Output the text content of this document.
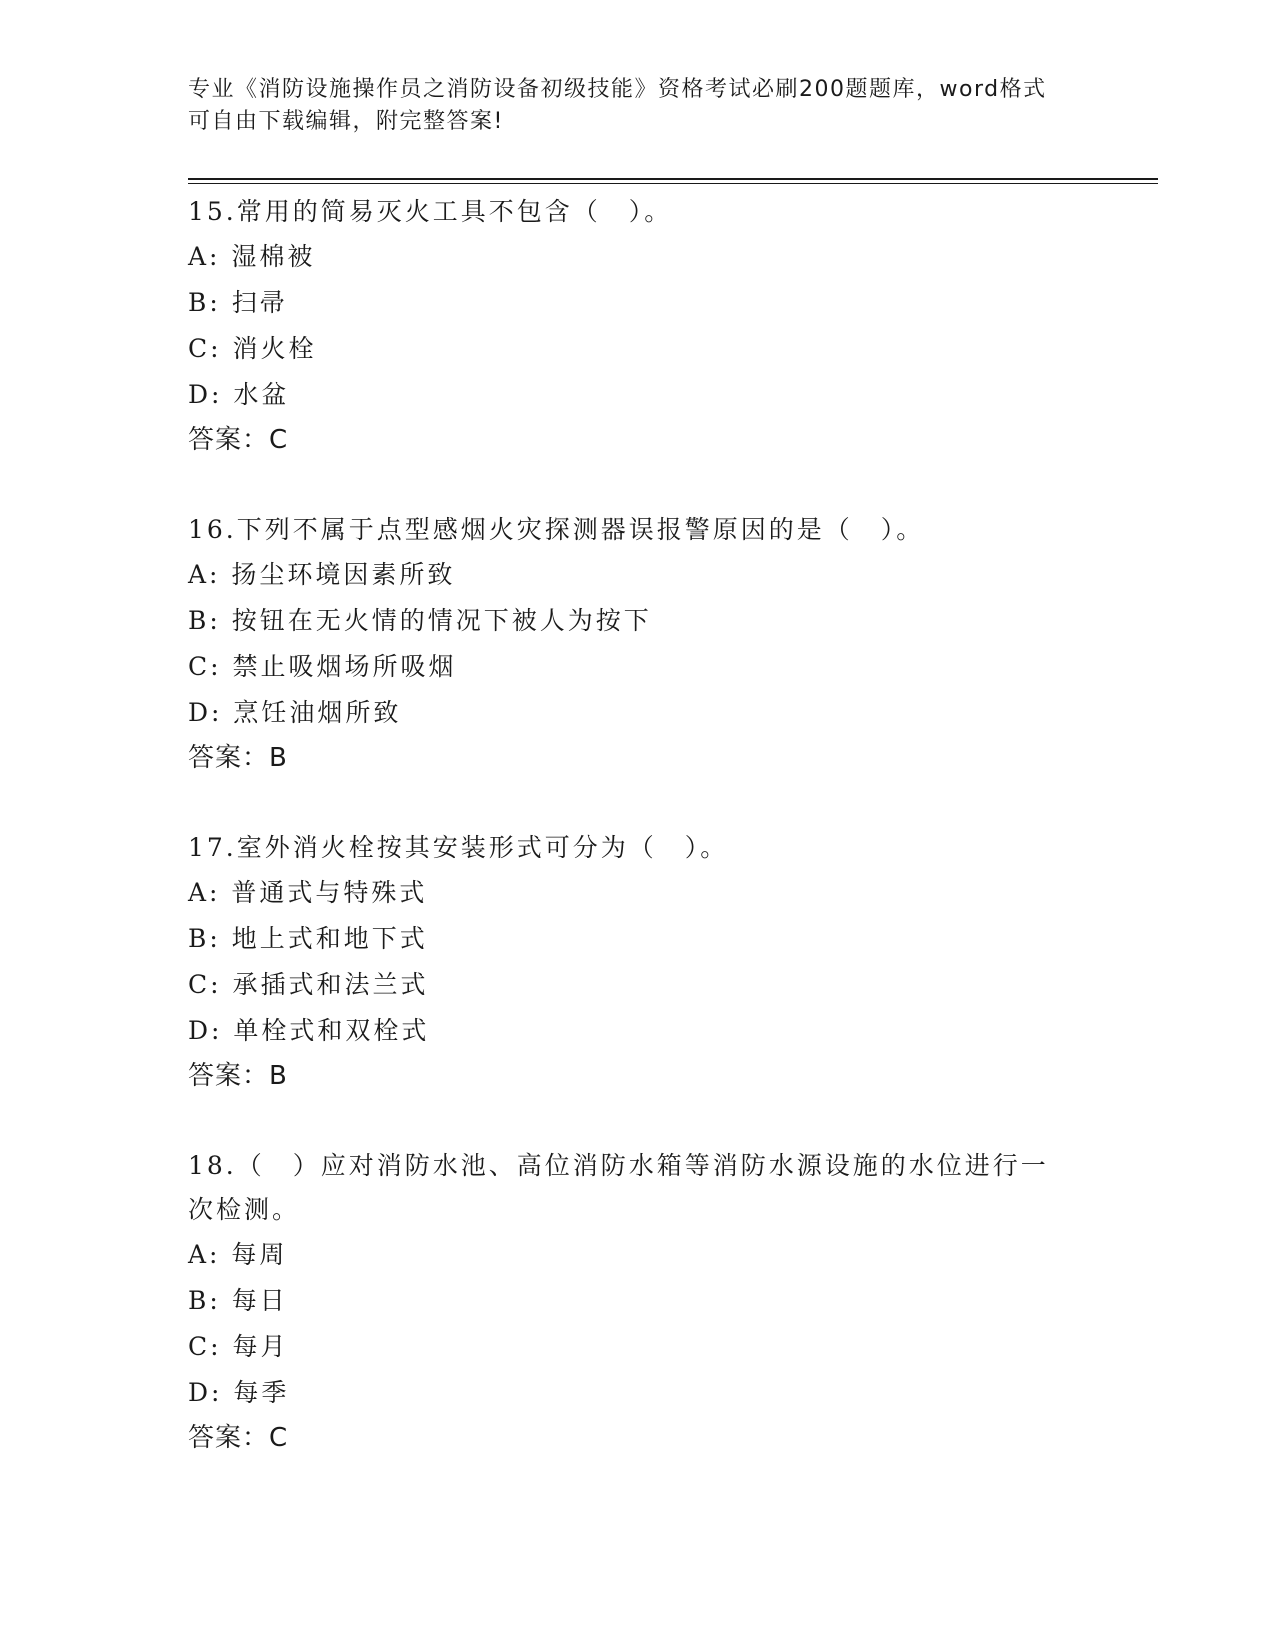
专业《消防设施操作员之消防设备初级技能》资格考试必刷200题题库，word格式可自由下载编辑，附完整答案!

15.常用的简易灭火工具不包含（　）。

A: 湿棉被

B: 扫帚

C: 消火栓

D: 水盆

答案：C

16.下列不属于点型感烟火灾探测器误报警原因的是（　）。

A: 扬尘环境因素所致

B: 按钮在无火情的情况下被人为按下

C: 禁止吸烟场所吸烟

D: 烹饪油烟所致

答案：B

17.室外消火栓按其安装形式可分为（　）。

A: 普通式与特殊式

B: 地上式和地下式

C: 承插式和法兰式

D: 单栓式和双栓式

答案：B

18.（　）应对消防水池、高位消防水箱等消防水源设施的水位进行一次检测。

A: 每周

B: 每日

C: 每月

D: 每季

答案：C
